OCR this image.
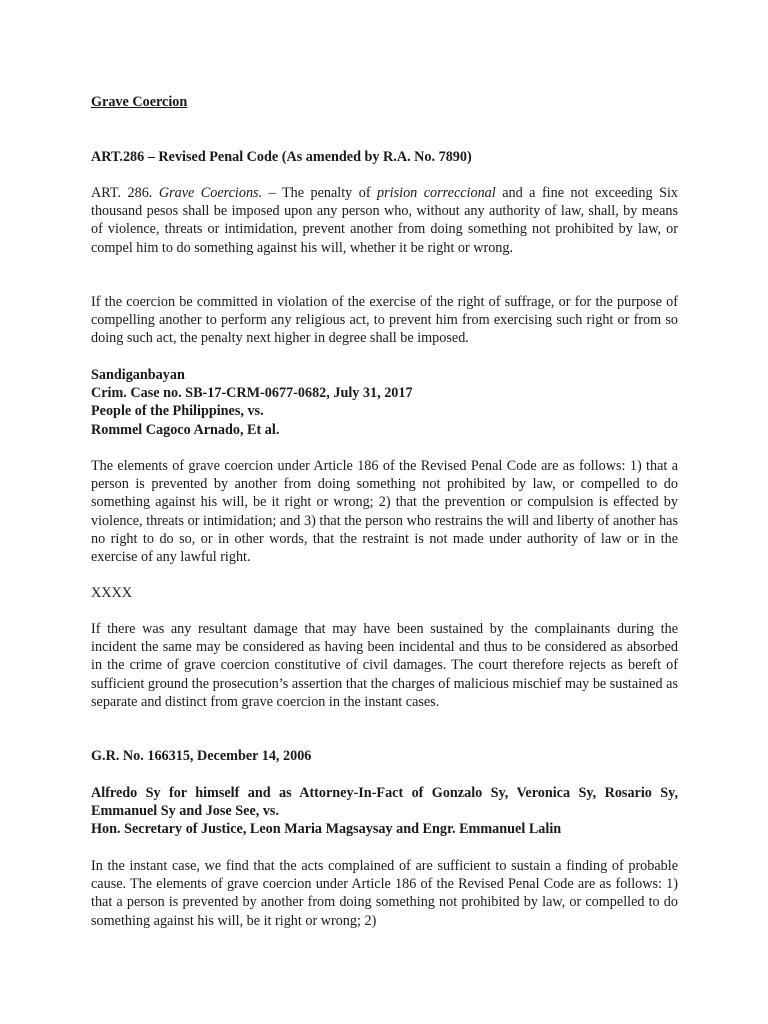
Grave Coercion

ART.286 – Revised Penal Code (As amended by R.A. No. 7890)

ART. 286. Grave Coercions. – The penalty of prision correccional and a fine not exceeding Six thousand pesos shall be imposed upon any person who, without any authority of law, shall, by means of violence, threats or intimidation, prevent another from doing something not prohibited by law, or compel him to do something against his will, whether it be right or wrong.

If the coercion be committed in violation of the exercise of the right of suffrage, or for the purpose of compelling another to perform any religious act, to prevent him from exercising such right or from so doing such act, the penalty next higher in degree shall be imposed.

Sandiganbayan
Crim. Case no. SB-17-CRM-0677-0682, July 31, 2017
People of the Philippines, vs.
Rommel Cagoco Arnado, Et al.

The elements of grave coercion under Article 186 of the Revised Penal Code are as follows: 1) that a person is prevented by another from doing something not prohibited by law, or compelled to do something against his will, be it right or wrong; 2) that the prevention or compulsion is effected by violence, threats or intimidation; and 3) that the person who restrains the will and liberty of another has no right to do so, or in other words, that the restraint is not made under authority of law or in the exercise of any lawful right.

XXXX

If there was any resultant damage that may have been sustained by the complainants during the incident the same may be considered as having been incidental and thus to be considered as absorbed in the crime of grave coercion constitutive of civil damages. The court therefore rejects as bereft of sufficient ground the prosecution’s assertion that the charges of malicious mischief may be sustained as separate and distinct from grave coercion in the instant cases.

G.R. No. 166315, December 14, 2006

Alfredo Sy for himself and as Attorney-In-Fact of Gonzalo Sy, Veronica Sy, Rosario Sy, Emmanuel Sy and Jose See, vs.
Hon. Secretary of Justice, Leon Maria Magsaysay and Engr. Emmanuel Lalin

In the instant case, we find that the acts complained of are sufficient to sustain a finding of probable cause. The elements of grave coercion under Article 186 of the Revised Penal Code are as follows: 1) that a person is prevented by another from doing something not prohibited by law, or compelled to do something against his will, be it right or wrong; 2)
